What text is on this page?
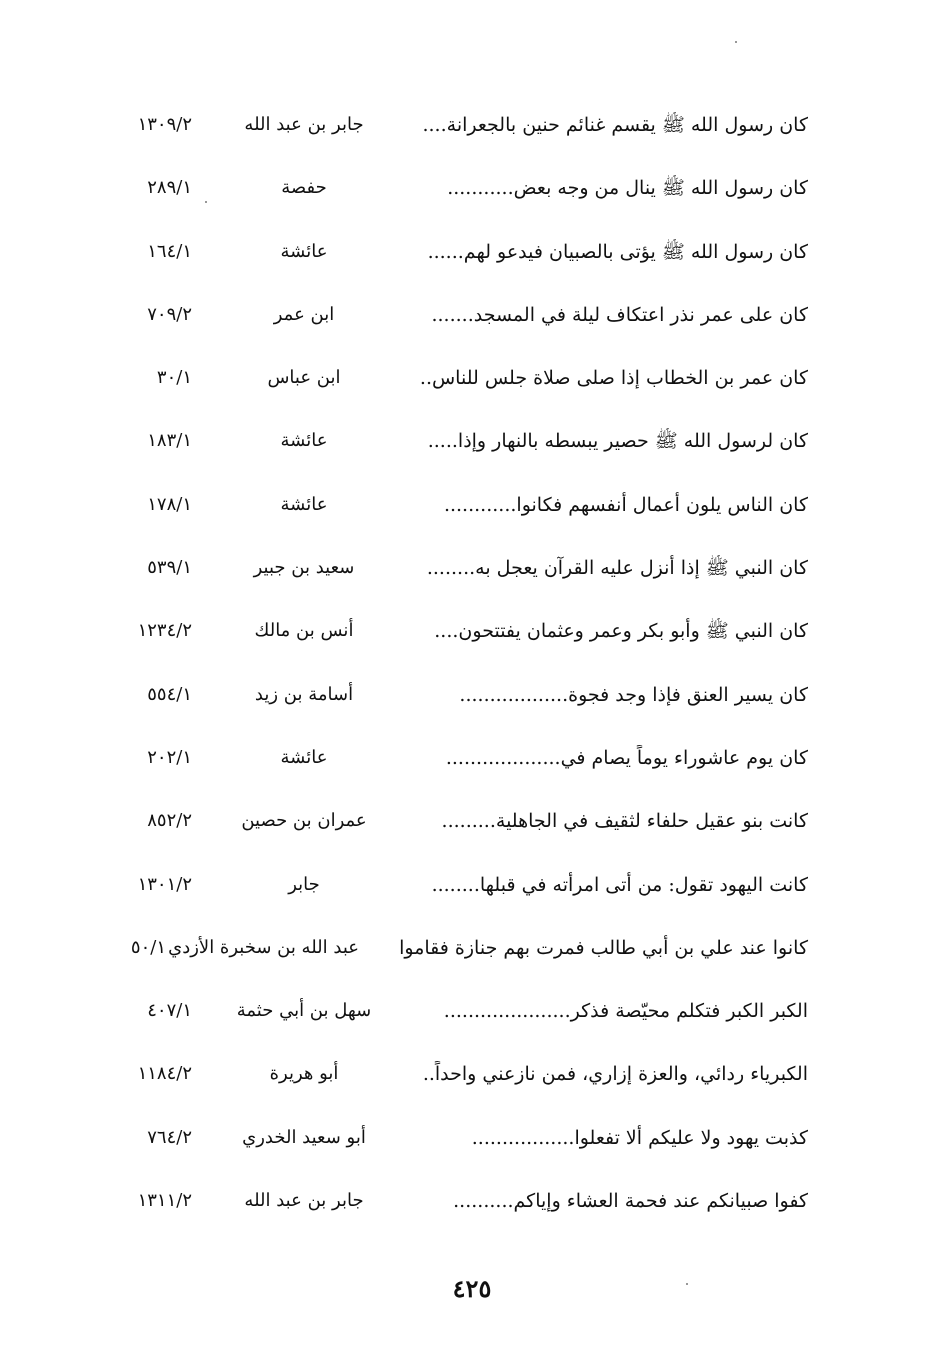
كان رسول الله ﷺ يقسم غنائم حنين بالجعرانة....
جابر بن عبد الله
١٣٠٩/٢
كان رسول الله ﷺ ينال من وجه بعض...........
حفصة
٢٨٩/١
كان رسول الله ﷺ يؤتى بالصبيان فيدعو لهم......
عائشة
١٦٤/١
كان على عمر نذر اعتكاف ليلة في المسجد.......
ابن عمر
٧٠٩/٢
كان عمر بن الخطاب إذا صلى صلاة جلس للناس..
ابن عباس
٣٠/١
كان لرسول الله ﷺ حصير يبسطه بالنهار وإذا.....
عائشة
١٨٣/١
كان الناس يلون أعمال أنفسهم فكانوا............
عائشة
١٧٨/١
كان النبي ﷺ إذا أنزل عليه القرآن يعجل به........
سعيد بن جبير
٥٣٩/١
كان النبي ﷺ وأبو بكر وعمر وعثمان يفتتحون....
أنس بن مالك
١٢٣٤/٢
كان يسير العنق فإذا وجد فجوة..................
أسامة بن زيد
٥٥٤/١
كان يوم عاشوراء يوماً يصام في...................
عائشة
٢٠٢/١
كانت بنو عقيل حلفاء لثقيف في الجاهلية.........
عمران بن حصين
٨٥٢/٢
كانت اليهود تقول: من أتى امرأته في قبلها........
جابر
١٣٠١/٢
كانوا عند علي بن أبي طالب فمرت بهم جنازة فقاموا
عبد الله بن سخبرة الأزدي
٥٠/١
الكبر الكبر فتكلم محيّصة فذكر.....................
سهل بن أبي حثمة
٤٠٧/١
الكبرياء ردائي، والعزة إزاري، فمن نازعني واحداً..
أبو هريرة
١١٨٤/٢
كذبت يهود ولا عليكم ألا تفعلوا.................
أبو سعيد الخدري
٧٦٤/٢
كفوا صبيانكم عند فحمة العشاء وإياكم..........
جابر بن عبد الله
١٣١١/٢
٤٢٥
